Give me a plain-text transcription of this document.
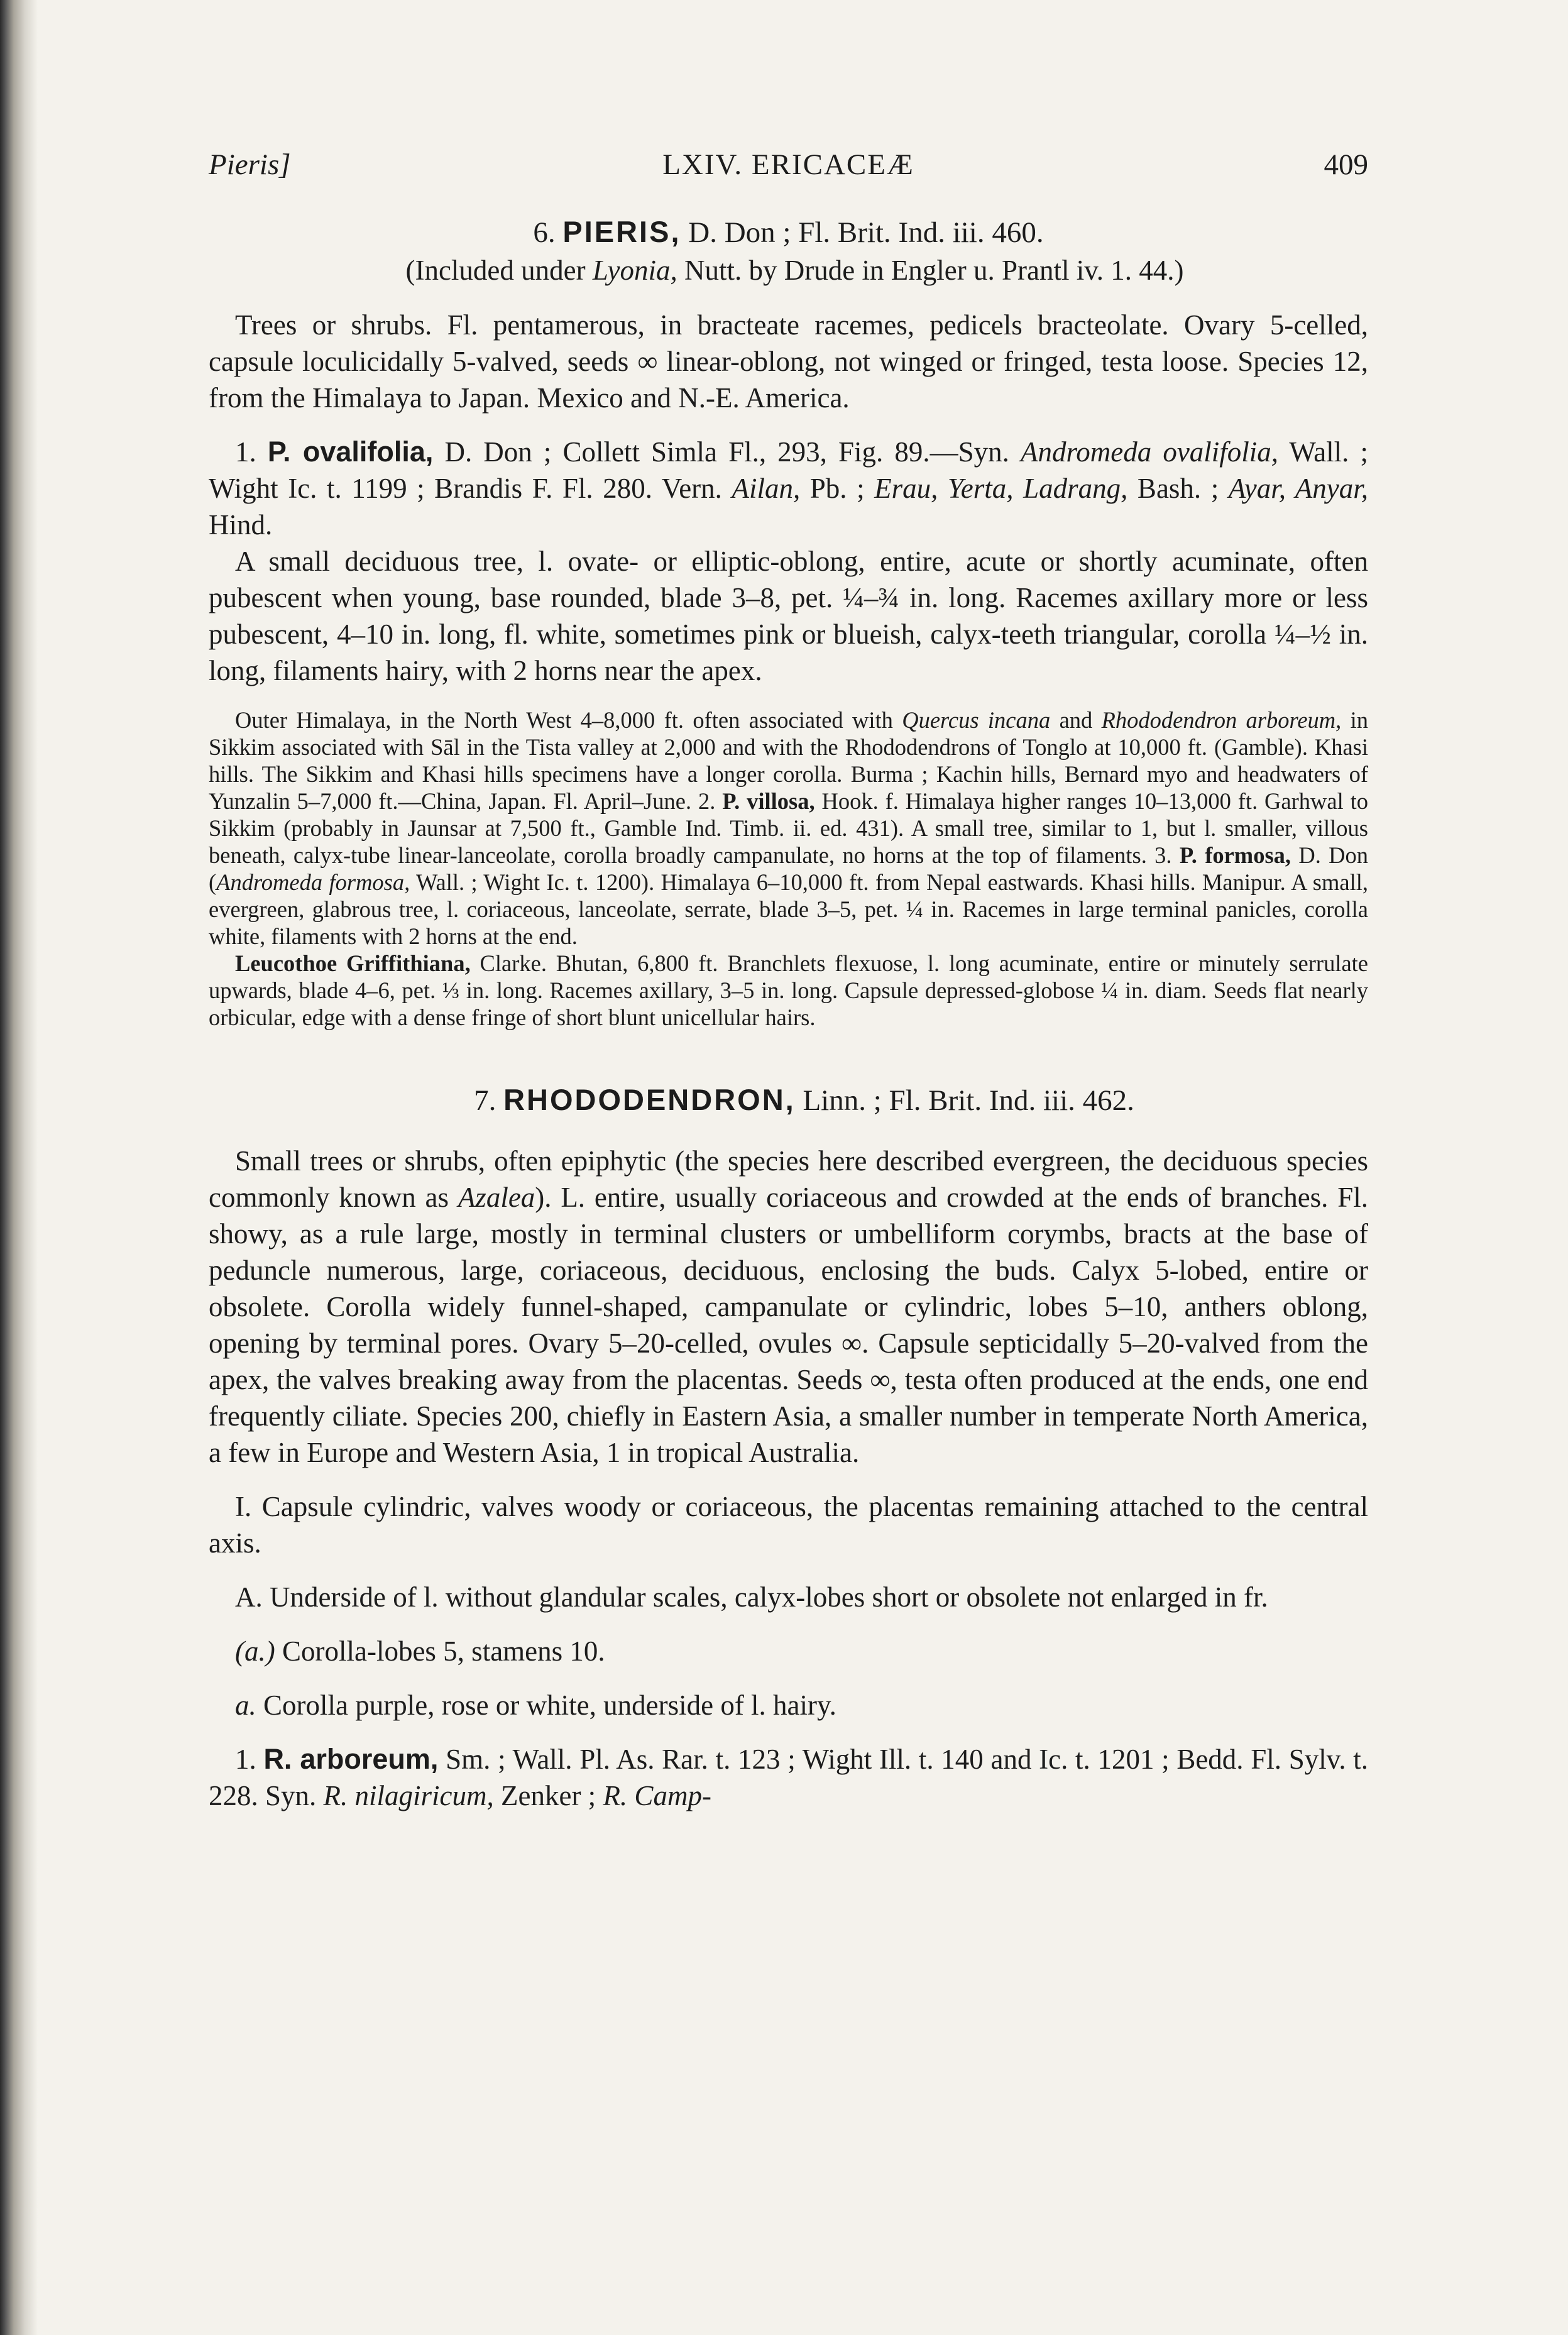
Pieris]	LXIV. ERICACEÆ	409
6. PIERIS, D. Don ; Fl. Brit. Ind. iii. 460.
(Included under Lyonia, Nutt. by Drude in Engler u. Prantl iv. 1. 44.)

Trees or shrubs. Fl. pentamerous, in bracteate racemes, pedicels bracteolate. Ovary 5-celled, capsule loculicidally 5-valved, seeds ∞ linear-oblong, not winged or fringed, testa loose. Species 12, from the Himalaya to Japan. Mexico and N.-E. America.

1. P. ovalifolia, D. Don ; Collett Simla Fl., 293, Fig. 89.—Syn. Andromeda ovalifolia, Wall. ; Wight Ic. t. 1199 ; Brandis F. Fl. 280. Vern. Ailan, Pb. ; Erau, Yerta, Ladrang, Bash. ; Ayar, Anyar, Hind.

A small deciduous tree, l. ovate- or elliptic-oblong, entire, acute or shortly acuminate, often pubescent when young, base rounded, blade 3–8, pet. ¼–¾ in. long. Racemes axillary more or less pubescent, 4–10 in. long, fl. white, sometimes pink or blueish, calyx-teeth triangular, corolla ¼–½ in. long, filaments hairy, with 2 horns near the apex.

Outer Himalaya, in the North West 4–8,000 ft. often associated with Quercus incana and Rhododendron arboreum, in Sikkim associated with Sāl in the Tista valley at 2,000 and with the Rhododendrons of Tonglo at 10,000 ft. (Gamble). Khasi hills. The Sikkim and Khasi hills specimens have a longer corolla. Burma ; Kachin hills, Bernard myo and headwaters of Yunzalin 5–7,000 ft.—China, Japan. Fl. April–June. 2. P. villosa, Hook. f. Himalaya higher ranges 10–13,000 ft. Garhwal to Sikkim (probably in Jaunsar at 7,500 ft., Gamble Ind. Timb. ii. ed. 431). A small tree, similar to 1, but l. smaller, villous beneath, calyx-tube linear-lanceolate, corolla broadly campanulate, no horns at the top of filaments. 3. P. formosa, D. Don (Andromeda formosa, Wall. ; Wight Ic. t. 1200). Himalaya 6–10,000 ft. from Nepal eastwards. Khasi hills. Manipur. A small, evergreen, glabrous tree, l. coriaceous, lanceolate, serrate, blade 3–5, pet. ¼ in. Racemes in large terminal panicles, corolla white, filaments with 2 horns at the end.

Leucothoe Griffithiana, Clarke. Bhutan, 6,800 ft. Branchlets flexuose, l. long acuminate, entire or minutely serrulate upwards, blade 4–6, pet. ⅓ in. long. Racemes axillary, 3–5 in. long. Capsule depressed-globose ¼ in. diam. Seeds flat nearly orbicular, edge with a dense fringe of short blunt unicellular hairs.

7. RHODODENDRON, Linn. ; Fl. Brit. Ind. iii. 462.

Small trees or shrubs, often epiphytic (the species here described evergreen, the deciduous species commonly known as Azalea). L. entire, usually coriaceous and crowded at the ends of branches. Fl. showy, as a rule large, mostly in terminal clusters or umbelliform corymbs, bracts at the base of peduncle numerous, large, coriaceous, deciduous, enclosing the buds. Calyx 5-lobed, entire or obsolete. Corolla widely funnel-shaped, campanulate or cylindric, lobes 5–10, anthers oblong, opening by terminal pores. Ovary 5–20-celled, ovules ∞. Capsule septicidally 5–20-valved from the apex, the valves breaking away from the placentas. Seeds ∞, testa often produced at the ends, one end frequently ciliate. Species 200, chiefly in Eastern Asia, a smaller number in temperate North America, a few in Europe and Western Asia, 1 in tropical Australia.

I. Capsule cylindric, valves woody or coriaceous, the placentas remaining attached to the central axis.

A. Underside of l. without glandular scales, calyx-lobes short or obsolete not enlarged in fr.

(a.) Corolla-lobes 5, stamens 10.

a. Corolla purple, rose or white, underside of l. hairy.

1. R. arboreum, Sm. ; Wall. Pl. As. Rar. t. 123 ; Wight Ill. t. 140 and Ic. t. 1201 ; Bedd. Fl. Sylv. t. 228. Syn. R. nilagiricum, Zenker ; R. Camp-
